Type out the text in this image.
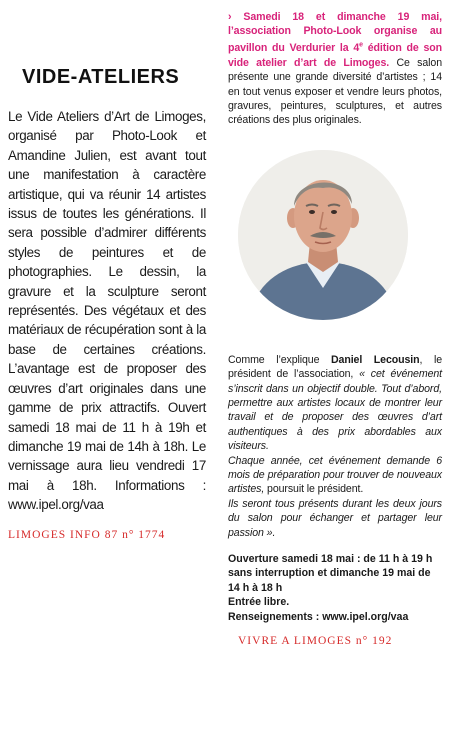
VIDE-ATELIERS
Le Vide Ateliers d’Art de Limoges, organisé par Photo-Look et Amandine Julien, est avant tout une manifestation à caractère artistique, qui va réunir 14 artistes issus de toutes les générations. Il sera possible d’admirer différents styles de peintures et de photographies. Le dessin, la gravure et la sculpture seront représentés. Des végétaux et des matériaux de récupération sont à la base de certaines créations. L’avantage est de proposer des œuvres d’art originales dans une gamme de prix attractifs. Ouvert samedi 18 mai de 11 h à 19h et dimanche 19 mai de 14h à 18h. Le vernissage aura lieu vendredi 17 mai à 18h. Informations : www.ipel.org/vaa
LIMOGES INFO 87 n° 1774
› Samedi 18 et dimanche 19 mai, l’association Photo-Look organise au pavillon du Verdurier la 4e édition de son vide atelier d’art de Limoges. Ce salon présente une grande diversité d’artistes ; 14 en tout venus exposer et vendre leurs photos, gravures, peintures, sculptures, et autres créations des plus originales.

Comme l’explique Daniel Lecousin, le président de l’association, « cet événement s’inscrit dans un objectif double. Tout d’abord, permettre aux artistes locaux de montrer leur travail et de proposer des œuvres d’art authentiques à des prix abordables aux visiteurs.

Chaque année, cet événement demande 6 mois de préparation pour trouver de nouveaux artistes, poursuit le président.

Ils seront tous présents durant les deux jours du salon pour échanger et partager leur passion ».

Ouverture samedi 18 mai : de 11 h à 19 h sans interruption et dimanche 19 mai de 14 h à 18 h

Entrée libre.

Renseignements : www.ipel.org/vaa

VIVRE A LIMOGES n° 192
